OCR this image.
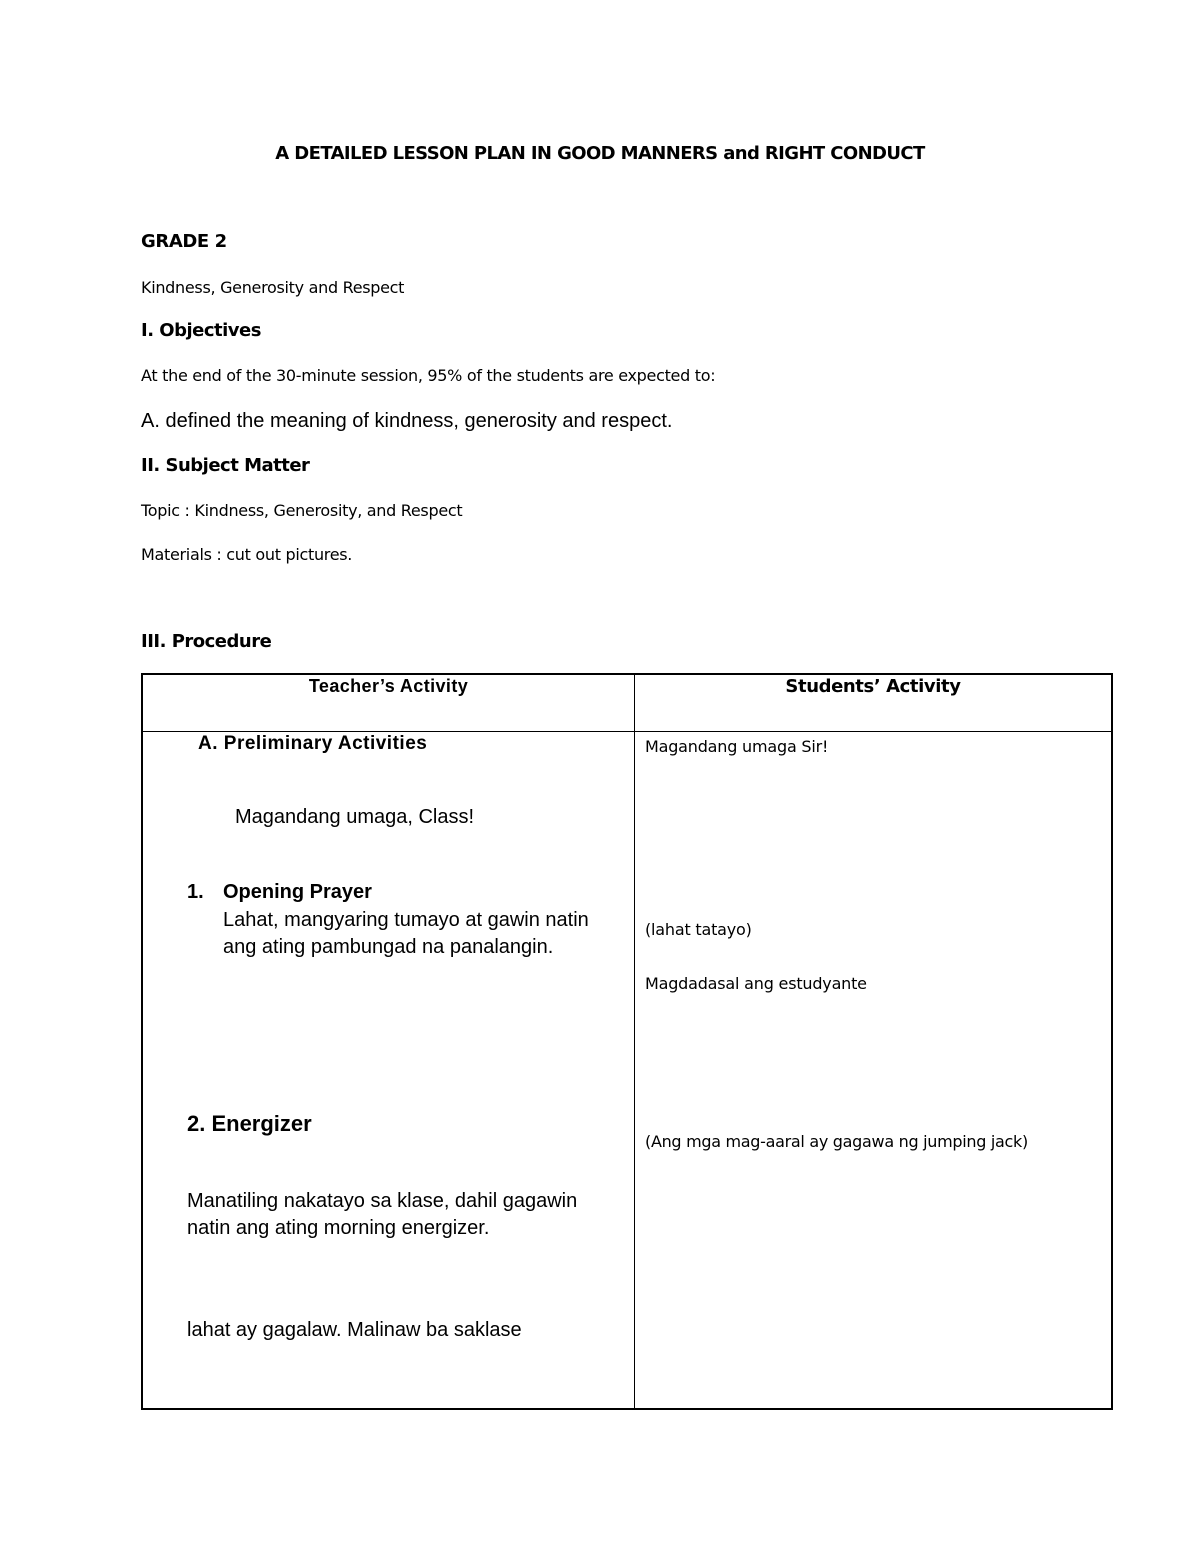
A DETAILED LESSON PLAN IN GOOD MANNERS and RIGHT CONDUCT
GRADE 2
Kindness, Generosity and Respect
I. Objectives
At the end of the 30-minute session, 95% of the students are expected to:
A. defined the meaning of kindness, generosity and respect.
II. Subject Matter
Topic : Kindness, Generosity, and Respect
Materials : cut out pictures.
III. Procedure
Teacher’s Activity	Students’ Activity
A. Preliminary Activities
Magandang umaga, Class!
1. Opening Prayer
Lahat, mangyaring tumayo at gawin natin ang ating pambungad na panalangin.
2. Energizer
Manatiling nakatayo sa klase, dahil gagawin natin ang ating morning energizer.
lahat ay gagalaw. Malinaw ba saklase
Magandang umaga Sir!
(lahat tatayo)
Magdadasal ang estudyante
(Ang mga mag-aaral ay gagawa ng jumping jack)
